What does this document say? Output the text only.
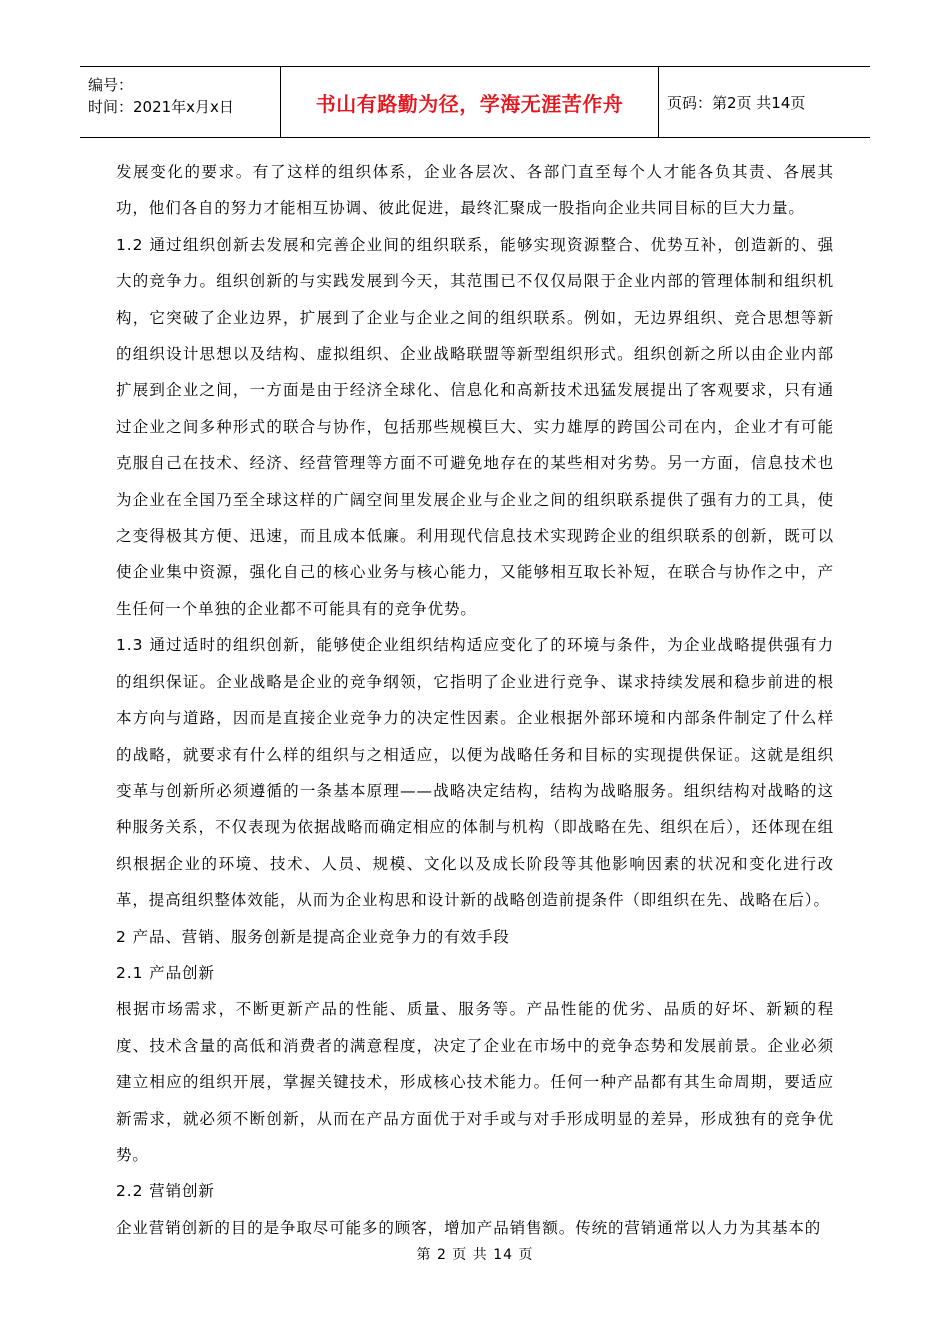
编号：
时间：2021年x月x日	书山有路勤为径，学海无涯苦作舟	页码：第2页 共14页

发展变化的要求。有了这样的组织体系，企业各层次、各部门直至每个人才能各负其责、各展其功，他们各自的努力才能相互协调、彼此促进，最终汇聚成一股指向企业共同目标的巨大力量。

1.2 通过组织创新去发展和完善企业间的组织联系，能够实现资源整合、优势互补，创造新的、强大的竞争力。组织创新的与实践发展到今天，其范围已不仅仅局限于企业内部的管理体制和组织机构，它突破了企业边界，扩展到了企业与企业之间的组织联系。例如，无边界组织、竞合思想等新的组织设计思想以及结构、虚拟组织、企业战略联盟等新型组织形式。组织创新之所以由企业内部扩展到企业之间，一方面是由于经济全球化、信息化和高新技术迅猛发展提出了客观要求，只有通过企业之间多种形式的联合与协作，包括那些规模巨大、实力雄厚的跨国公司在内，企业才有可能克服自己在技术、经济、经营管理等方面不可避免地存在的某些相对劣势。另一方面，信息技术也为企业在全国乃至全球这样的广阔空间里发展企业与企业之间的组织联系提供了强有力的工具，使之变得极其方便、迅速，而且成本低廉。利用现代信息技术实现跨企业的组织联系的创新，既可以使企业集中资源，强化自己的核心业务与核心能力，又能够相互取长补短，在联合与协作之中，产生任何一个单独的企业都不可能具有的竞争优势。

1.3 通过适时的组织创新，能够使企业组织结构适应变化了的环境与条件，为企业战略提供强有力的组织保证。企业战略是企业的竞争纲领，它指明了企业进行竞争、谋求持续发展和稳步前进的根本方向与道路，因而是直接企业竞争力的决定性因素。企业根据外部环境和内部条件制定了什么样的战略，就要求有什么样的组织与之相适应，以便为战略任务和目标的实现提供保证。这就是组织变革与创新所必须遵循的一条基本原理——战略决定结构，结构为战略服务。组织结构对战略的这种服务关系，不仅表现为依据战略而确定相应的体制与机构（即战略在先、组织在后），还体现在组织根据企业的环境、技术、人员、规模、文化以及成长阶段等其他影响因素的状况和变化进行改革，提高组织整体效能，从而为企业构思和设计新的战略创造前提条件（即组织在先、战略在后）。

2 产品、营销、服务创新是提高企业竞争力的有效手段

2.1 产品创新

根据市场需求，不断更新产品的性能、质量、服务等。产品性能的优劣、品质的好坏、新颖的程度、技术含量的高低和消费者的满意程度，决定了企业在市场中的竞争态势和发展前景。企业必须建立相应的组织开展，掌握关键技术，形成核心技术能力。任何一种产品都有其生命周期，要适应新需求，就必须不断创新，从而在产品方面优于对手或与对手形成明显的差异，形成独有的竞争优势。

2.2 营销创新

企业营销创新的目的是争取尽可能多的顾客，增加产品销售额。传统的营销通常以人力为其基本的

第 2 页 共 14 页
